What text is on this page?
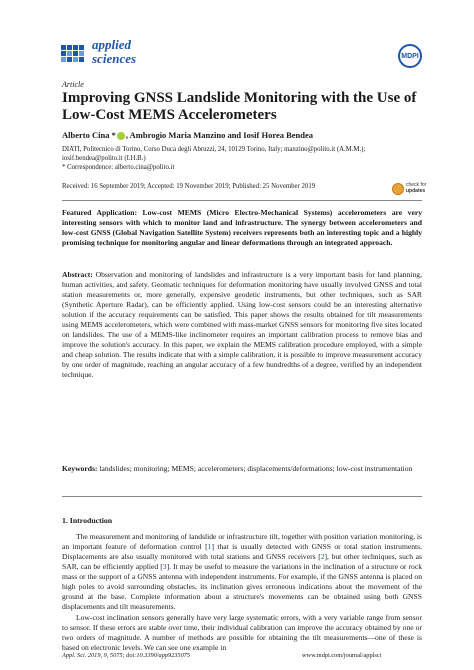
applied
sciences	MDPI
Article
Improving GNSS Landslide Monitoring with the Use of Low-Cost MEMS Accelerometers
Alberto Cina * , Ambrogio Maria Manzino and Iosif Horea Bendea
DIATI, Politecnico di Torino, Corso Duca degli Abruzzi, 24, 10129 Torino, Italy; manzino@polito.it (A.M.M.);
iosif.bendea@polito.it (I.H.B.)
* Correspondence: alberto.cina@polito.it
Received: 16 September 2019; Accepted: 19 November 2019; Published: 25 November 2019	check for
updates
Featured Application: Low-cost MEMS (Micro Electro-Mechanical Systems) accelerometers are very interesting sensors with which to monitor land and infrastructure. The synergy between accelerometers and low-cost GNSS (Global Navigation Satellite System) receivers represents both an interesting topic and a highly promising technique for monitoring angular and linear deformations through an integrated approach.
Abstract: Observation and monitoring of landslides and infrastructure is a very important basis for land planning, human activities, and safety. Geomatic techniques for deformation monitoring have usually involved GNSS and total station measurements or, more generally, expensive geodetic instruments, but other techniques, such as SAR (Synthetic Aperture Radar), can be efficiently applied. Using low-cost sensors could be an interesting alternative solution if the accuracy requirements can be satisfied. This paper shows the results obtained for tilt measurements using MEMS accelerometers, which were combined with mass-market GNSS sensors for monitoring five sites located on landslides. The use of a MEMS-like inclinometer requires an important calibration process to remove bias and improve the solution's accuracy. In this paper, we explain the MEMS calibration procedure employed, with a simple and cheap solution. The results indicate that with a simple calibration, it is possible to improve measurement accuracy by one order of magnitude, reaching an angular accuracy of a few hundredths of a degree, verified by an independent technique.
Keywords: landslides; monitoring; MEMS; accelerometers; displacements/deformations; low-cost instrumentation
1. Introduction

The measurement and monitoring of landslide or infrastructure tilt, together with position variation monitoring, is an important feature of deformation control [1] that is usually detected with GNSS or total station instruments. Displacements are also usually monitored with total stations and GNSS receivers [2], but other techniques, such as SAR, can be efficiently applied [3]. It may be useful to measure the variations in the inclination of a structure or rock mass or the support of a GNSS antenna with independent instruments. For example, if the GNSS antenna is placed on high poles to avoid surrounding obstacles, its inclination gives erroneous indications about the movement of the ground at the base. Complete information about a structure's movements can be obtained using both GNSS displacements and tilt measurements.

Low-cost inclination sensors generally have very large systematic errors, with a very variable range from sensor to sensor. If these errors are stable over time, their individual calibration can improve the accuracy obtained by one or two orders of magnitude. A number of methods are possible for obtaining the tilt measurements—one of these is based on electronic levels. We can see one example in

Appl. Sci. 2019, 9, 5075; doi:10.3390/app9235075	www.mdpi.com/journal/applsci
